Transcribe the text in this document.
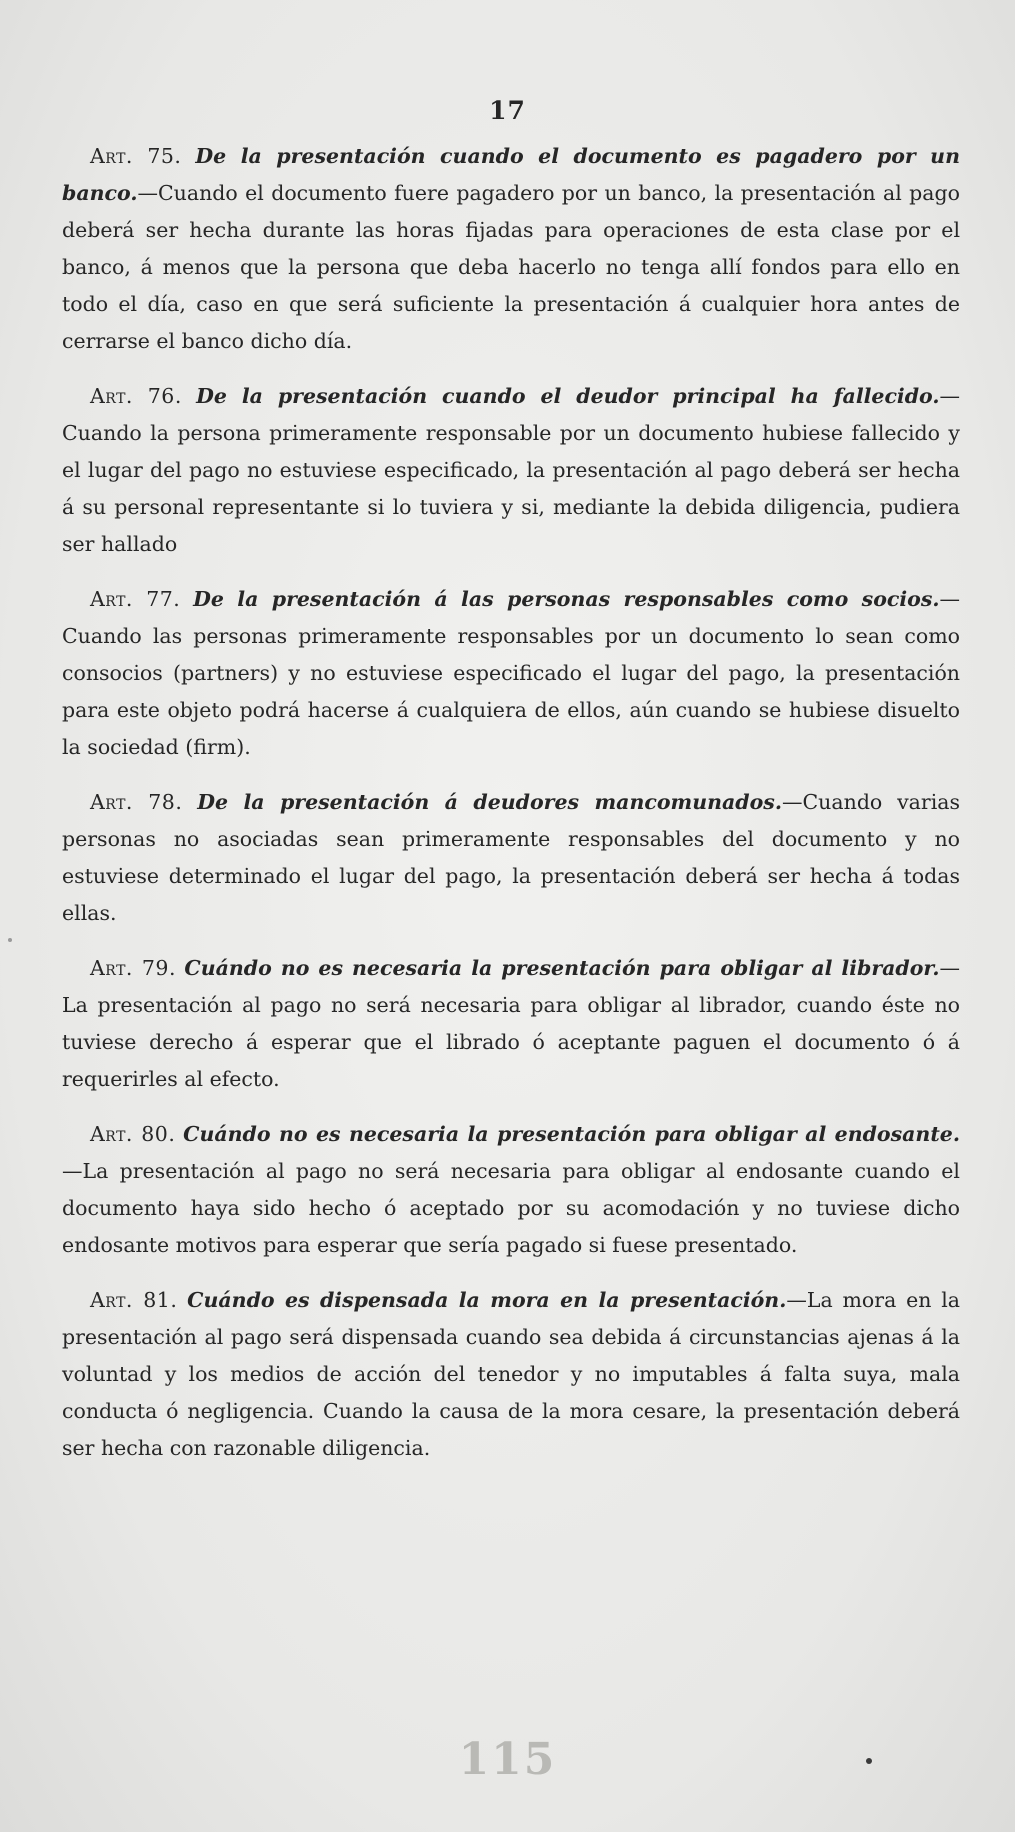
17

Art. 75. De la presentación cuando el documento es pagadero por un banco.—Cuando el documento fuere pagadero por un banco, la presentación al pago deberá ser hecha durante las horas fijadas para operaciones de esta clase por el banco, á menos que la persona que deba hacerlo no tenga allí fondos para ello en todo el día, caso en que será suficiente la presentación á cualquier hora antes de cerrarse el banco dicho día.

Art. 76. De la presentación cuando el deudor principal ha fallecido.—Cuando la persona primeramente responsable por un documento hubiese fallecido y el lugar del pago no estuviese especificado, la presentación al pago deberá ser hecha á su personal representante si lo tuviera y si, mediante la debida diligencia, pudiera ser hallado

Art. 77. De la presentación á las personas responsables como socios.—Cuando las personas primeramente responsables por un documento lo sean como consocios (partners) y no estuviese especificado el lugar del pago, la presentación para este objeto podrá hacerse á cualquiera de ellos, aún cuando se hubiese disuelto la sociedad (firm).

Art. 78. De la presentación á deudores mancomunados.—Cuando varias personas no asociadas sean primeramente responsables del documento y no estuviese determinado el lugar del pago, la presentación deberá ser hecha á todas ellas.

Art. 79. Cuándo no es necesaria la presentación para obligar al librador.—La presentación al pago no será necesaria para obligar al librador, cuando éste no tuviese derecho á esperar que el librado ó aceptante paguen el documento ó á requerirles al efecto.

Art. 80. Cuándo no es necesaria la presentación para obligar al endosante.—La presentación al pago no será necesaria para obligar al endosante cuando el documento haya sido hecho ó aceptado por su acomodación y no tuviese dicho endosante motivos para esperar que sería pagado si fuese presentado.

Art. 81. Cuándo es dispensada la mora en la presentación.—La mora en la presentación al pago será dispensada cuando sea debida á circunstancias ajenas á la voluntad y los medios de acción del tenedor y no imputables á falta suya, mala conducta ó negligencia. Cuando la causa de la mora cesare, la presentación deberá ser hecha con razonable diligencia.

115
